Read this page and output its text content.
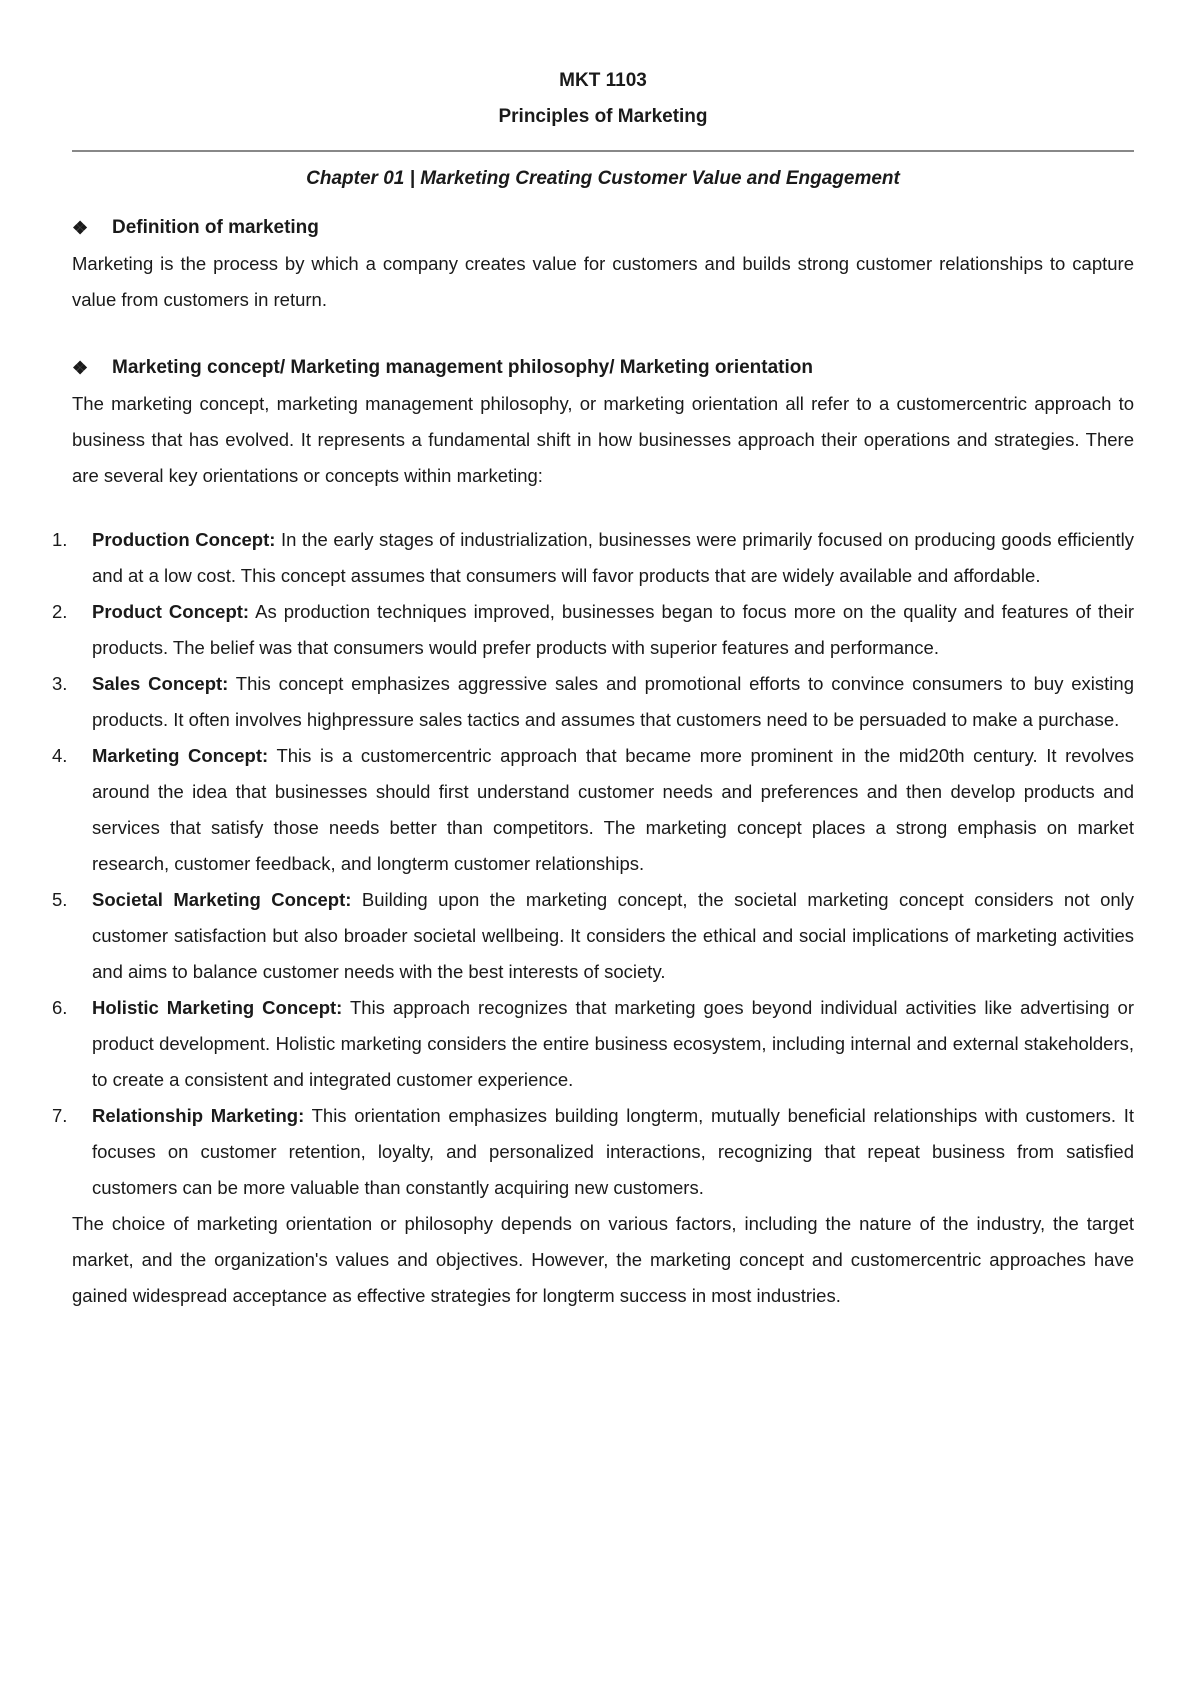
MKT 1103

Principles of Marketing

Chapter 01 | Marketing Creating Customer Value and Engagement

❖	Definition of marketing

Marketing is the process by which a company creates value for customers and builds strong customer relationships to capture value from customers in return.

❖	Marketing concept/ Marketing management philosophy/ Marketing orientation

The marketing concept, marketing management philosophy, or marketing orientation all refer to a customercentric approach to business that has evolved. It represents a fundamental shift in how businesses approach their operations and strategies. There are several key orientations or concepts within marketing:

1.	Production Concept: In the early stages of industrialization, businesses were primarily focused on producing goods efficiently and at a low cost. This concept assumes that consumers will favor products that are widely available and affordable.
2.	Product Concept: As production techniques improved, businesses began to focus more on the quality and features of their products. The belief was that consumers would prefer products with superior features and performance.
3.	Sales Concept: This concept emphasizes aggressive sales and promotional efforts to convince consumers to buy existing products. It often involves highpressure sales tactics and assumes that customers need to be persuaded to make a purchase.
4.	Marketing Concept: This is a customercentric approach that became more prominent in the mid20th century. It revolves around the idea that businesses should first understand customer needs and preferences and then develop products and services that satisfy those needs better than competitors. The marketing concept places a strong emphasis on market research, customer feedback, and longterm customer relationships.
5.	Societal Marketing Concept: Building upon the marketing concept, the societal marketing concept considers not only customer satisfaction but also broader societal wellbeing. It considers the ethical and social implications of marketing activities and aims to balance customer needs with the best interests of society.
6.	Holistic Marketing Concept: This approach recognizes that marketing goes beyond individual activities like advertising or product development. Holistic marketing considers the entire business ecosystem, including internal and external stakeholders, to create a consistent and integrated customer experience.
7.	Relationship Marketing: This orientation emphasizes building longterm, mutually beneficial relationships with customers. It focuses on customer retention, loyalty, and personalized interactions, recognizing that repeat business from satisfied customers can be more valuable than constantly acquiring new customers.

The choice of marketing orientation or philosophy depends on various factors, including the nature of the industry, the target market, and the organization's values and objectives. However, the marketing concept and customercentric approaches have gained widespread acceptance as effective strategies for longterm success in most industries.
